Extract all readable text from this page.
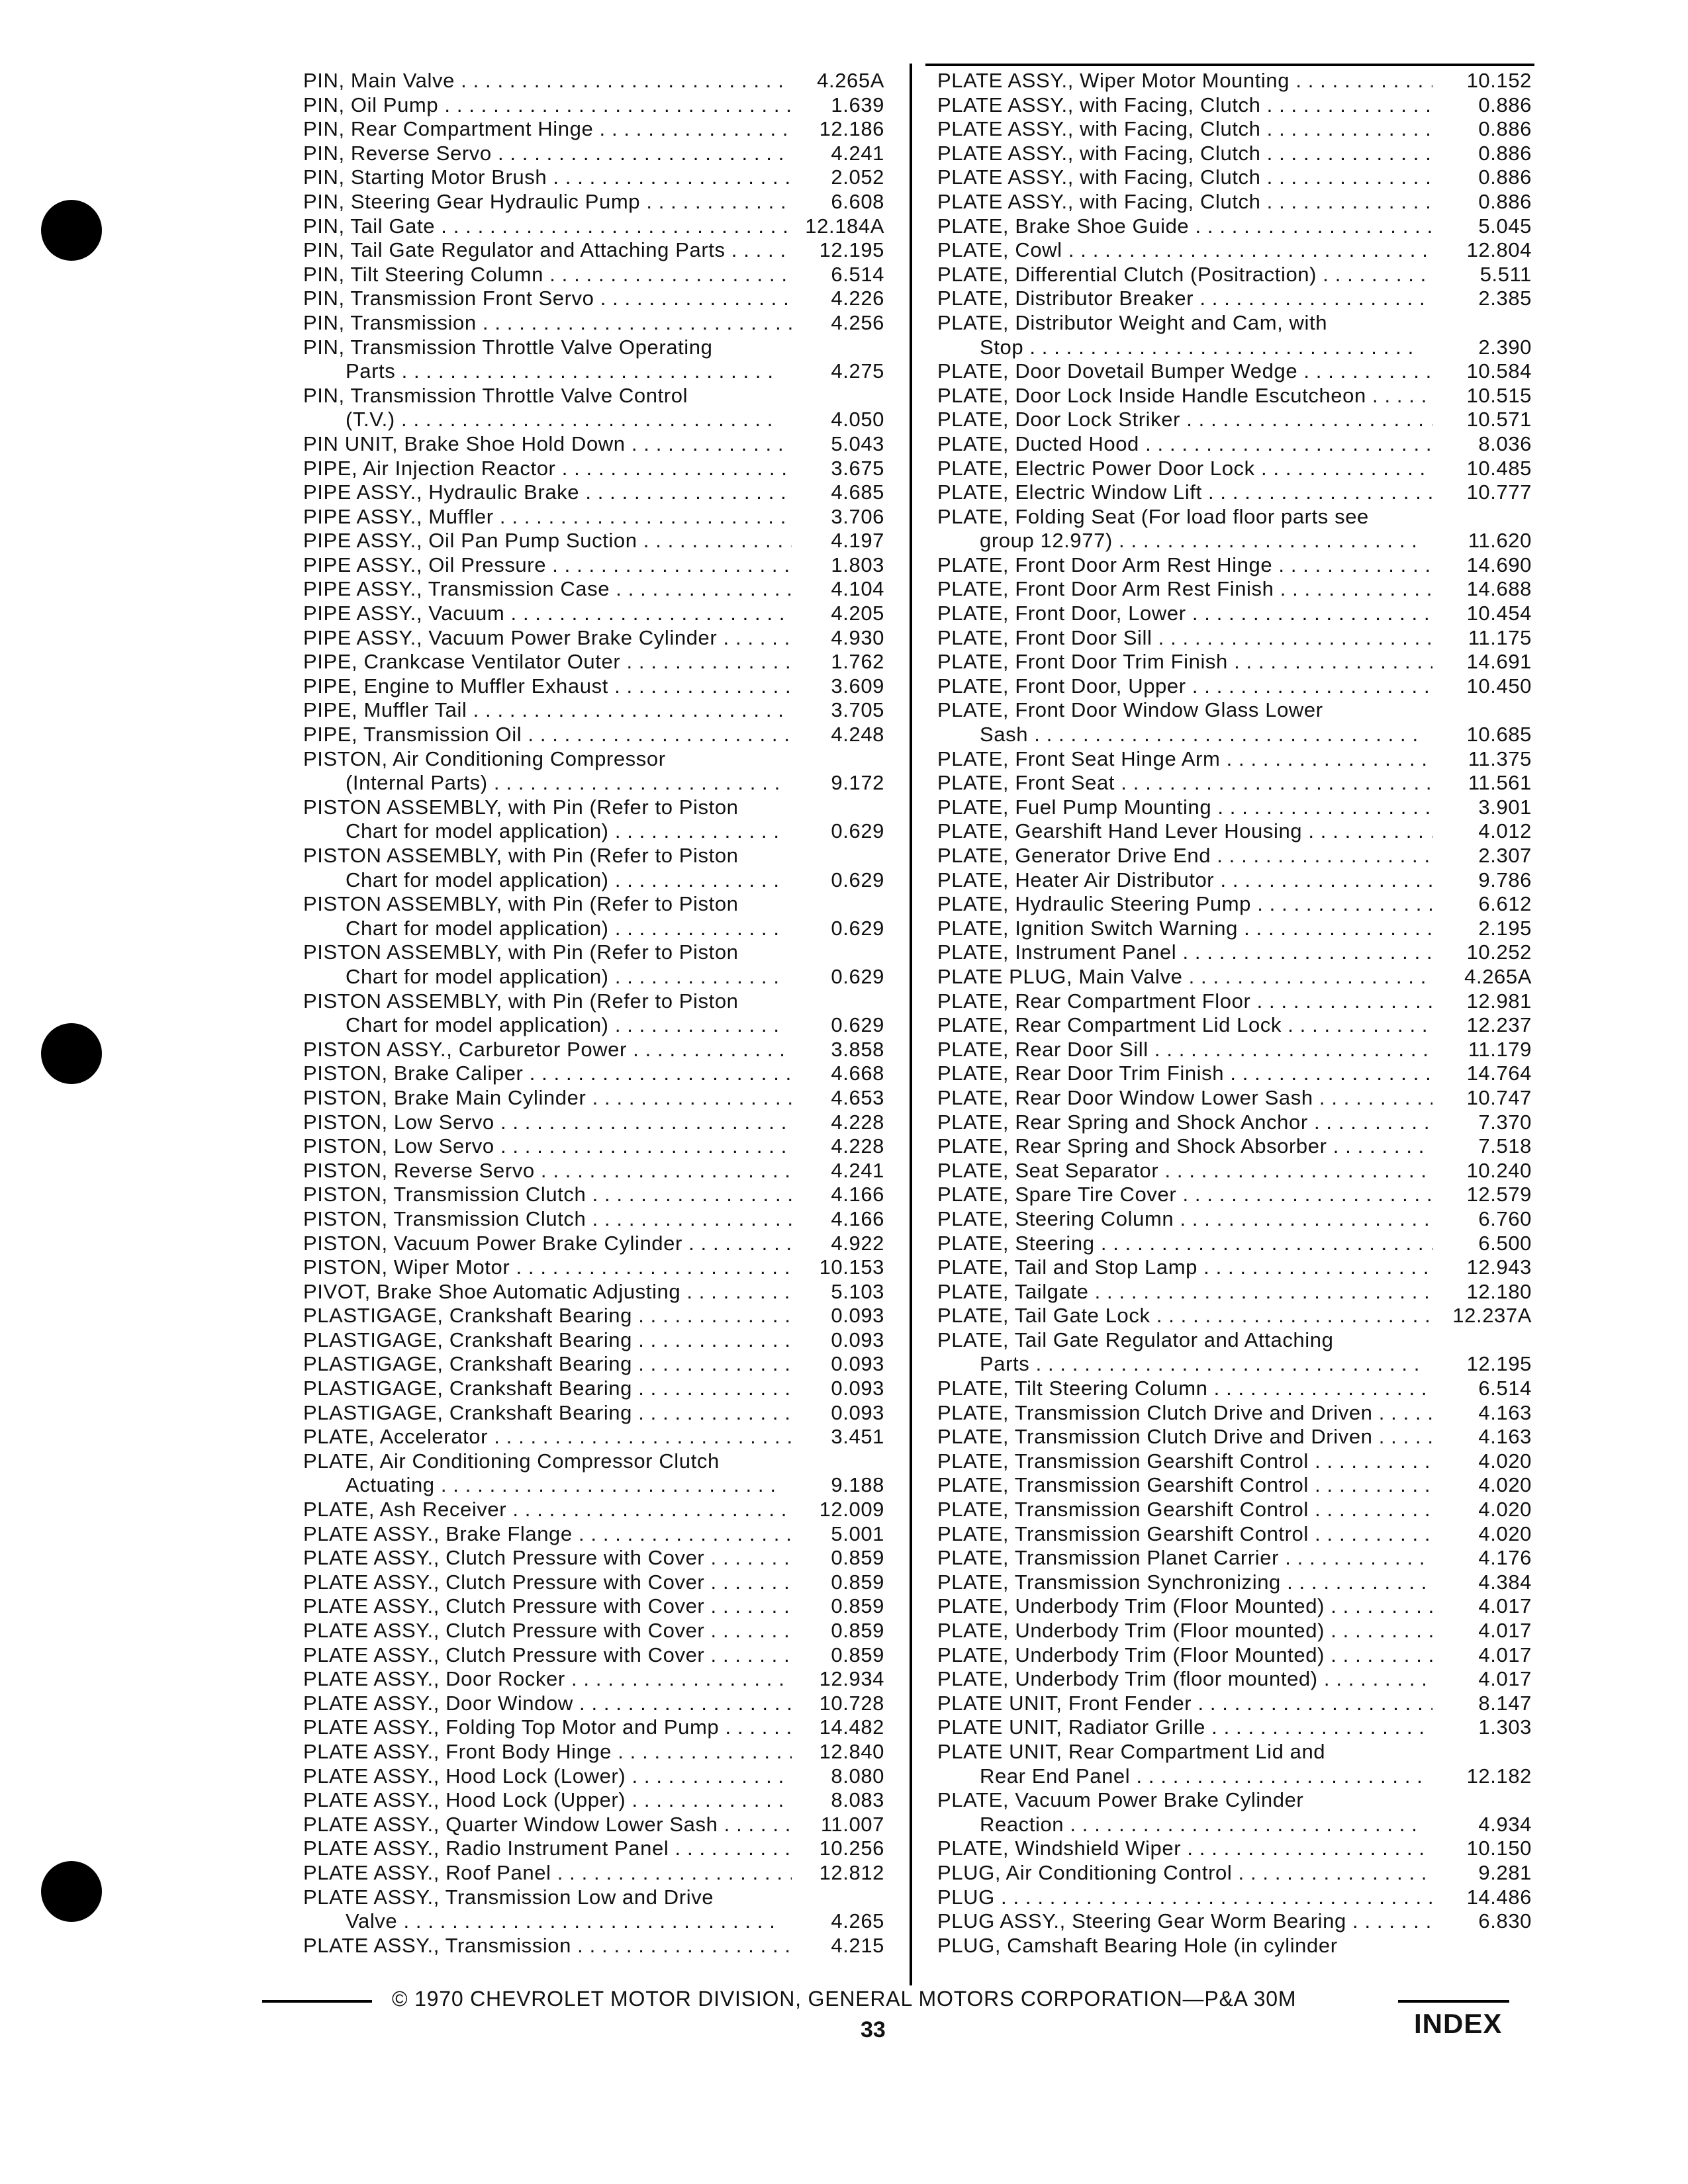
PIN, Main Valve . . .	4.265A
PIN, Oil Pump . . .	1.639
PIN, Rear Compartment Hinge . . .	12.186
PIN, Reverse Servo . . .	4.241
PIN, Starting Motor Brush . . .	2.052
PIN, Steering Gear Hydraulic Pump . . .	6.608
PIN, Tail Gate . . .	12.184A
PIN, Tail Gate Regulator and Attaching Parts . . .	12.195
PIN, Tilt Steering Column . . .	6.514
PIN, Transmission Front Servo . . .	4.226
PIN, Transmission . . .	4.256
PIN, Transmission Throttle Valve Operating
Parts . . .	4.275
PIN, Transmission Throttle Valve Control
(T.V.) . . .	4.050
PIN UNIT, Brake Shoe Hold Down . . .	5.043
PIPE, Air Injection Reactor . . .	3.675
PIPE ASSY., Hydraulic Brake . . .	4.685
PIPE ASSY., Muffler . . .	3.706
PIPE ASSY., Oil Pan Pump Suction . . .	4.197
PIPE ASSY., Oil Pressure . . .	1.803
PIPE ASSY., Transmission Case . . .	4.104
PIPE ASSY., Vacuum . . .	4.205
PIPE ASSY., Vacuum Power Brake Cylinder . . .	4.930
PIPE, Crankcase Ventilator Outer . . .	1.762
PIPE, Engine to Muffler Exhaust . . .	3.609
PIPE, Muffler Tail . . .	3.705
PIPE, Transmission Oil . . .	4.248
PISTON, Air Conditioning Compressor
(Internal Parts) . . .	9.172
PISTON ASSEMBLY, with Pin (Refer to Piston
Chart for model application) . . .	0.629
PISTON ASSEMBLY, with Pin (Refer to Piston
Chart for model application) . . .	0.629
PISTON ASSEMBLY, with Pin (Refer to Piston
Chart for model application) . . .	0.629
PISTON ASSEMBLY, with Pin (Refer to Piston
Chart for model application) . . .	0.629
PISTON ASSEMBLY, with Pin (Refer to Piston
Chart for model application) . . .	0.629
PISTON ASSY., Carburetor Power . . .	3.858
PISTON, Brake Caliper . . .	4.668
PISTON, Brake Main Cylinder . . .	4.653
PISTON, Low Servo . . .	4.228
PISTON, Low Servo . . .	4.228
PISTON, Reverse Servo . . .	4.241
PISTON, Transmission Clutch . . .	4.166
PISTON, Transmission Clutch . . .	4.166
PISTON, Vacuum Power Brake Cylinder . . .	4.922
PISTON, Wiper Motor . . .	10.153
PIVOT, Brake Shoe Automatic Adjusting . . .	5.103
PLASTIGAGE, Crankshaft Bearing . . .	0.093
PLASTIGAGE, Crankshaft Bearing . . .	0.093
PLASTIGAGE, Crankshaft Bearing . . .	0.093
PLASTIGAGE, Crankshaft Bearing . . .	0.093
PLASTIGAGE, Crankshaft Bearing . . .	0.093
PLATE, Accelerator . . .	3.451
PLATE, Air Conditioning Compressor Clutch
Actuating . . .	9.188
PLATE, Ash Receiver . . .	12.009
PLATE ASSY., Brake Flange . . .	5.001
PLATE ASSY., Clutch Pressure with Cover . . .	0.859
PLATE ASSY., Clutch Pressure with Cover . . .	0.859
PLATE ASSY., Clutch Pressure with Cover . . .	0.859
PLATE ASSY., Clutch Pressure with Cover . . .	0.859
PLATE ASSY., Clutch Pressure with Cover . . .	0.859
PLATE ASSY., Door Rocker . . .	12.934
PLATE ASSY., Door Window . . .	10.728
PLATE ASSY., Folding Top Motor and Pump . . .	14.482
PLATE ASSY., Front Body Hinge . . .	12.840
PLATE ASSY., Hood Lock (Lower) . . .	8.080
PLATE ASSY., Hood Lock (Upper) . . .	8.083
PLATE ASSY., Quarter Window Lower Sash . . .	11.007
PLATE ASSY., Radio Instrument Panel . . .	10.256
PLATE ASSY., Roof Panel . . .	12.812
PLATE ASSY., Transmission Low and Drive
Valve . . .	4.265
PLATE ASSY., Transmission . . .	4.215
PLATE ASSY., Wiper Motor Mounting . . .	10.152
PLATE ASSY., with Facing, Clutch . . .	0.886
PLATE ASSY., with Facing, Clutch . . .	0.886
PLATE ASSY., with Facing, Clutch . . .	0.886
PLATE ASSY., with Facing, Clutch . . .	0.886
PLATE ASSY., with Facing, Clutch . . .	0.886
PLATE, Brake Shoe Guide . . .	5.045
PLATE, Cowl . . .	12.804
PLATE, Differential Clutch (Positraction) . . .	5.511
PLATE, Distributor Breaker . . .	2.385
PLATE, Distributor Weight and Cam, with
Stop . . .	2.390
PLATE, Door Dovetail Bumper Wedge . . .	10.584
PLATE, Door Lock Inside Handle Escutcheon . . .	10.515
PLATE, Door Lock Striker . . .	10.571
PLATE, Ducted Hood . . .	8.036
PLATE, Electric Power Door Lock . . .	10.485
PLATE, Electric Window Lift . . .	10.777
PLATE, Folding Seat (For load floor parts see
group 12.977) . . .	11.620
PLATE, Front Door Arm Rest Hinge . . .	14.690
PLATE, Front Door Arm Rest Finish . . .	14.688
PLATE, Front Door, Lower . . .	10.454
PLATE, Front Door Sill . . .	11.175
PLATE, Front Door Trim Finish . . .	14.691
PLATE, Front Door, Upper . . .	10.450
PLATE, Front Door Window Glass Lower
Sash . . .	10.685
PLATE, Front Seat Hinge Arm . . .	11.375
PLATE, Front Seat . . .	11.561
PLATE, Fuel Pump Mounting . . .	3.901
PLATE, Gearshift Hand Lever Housing . . .	4.012
PLATE, Generator Drive End . . .	2.307
PLATE, Heater Air Distributor . . .	9.786
PLATE, Hydraulic Steering Pump . . .	6.612
PLATE, Ignition Switch Warning . . .	2.195
PLATE, Instrument Panel . . .	10.252
PLATE PLUG, Main Valve . . .	4.265A
PLATE, Rear Compartment Floor . . .	12.981
PLATE, Rear Compartment Lid Lock . . .	12.237
PLATE, Rear Door Sill . . .	11.179
PLATE, Rear Door Trim Finish . . .	14.764
PLATE, Rear Door Window Lower Sash . . .	10.747
PLATE, Rear Spring and Shock Anchor . . .	7.370
PLATE, Rear Spring and Shock Absorber . . .	7.518
PLATE, Seat Separator . . .	10.240
PLATE, Spare Tire Cover . . .	12.579
PLATE, Steering Column . . .	6.760
PLATE, Steering . . .	6.500
PLATE, Tail and Stop Lamp . . .	12.943
PLATE, Tailgate . . .	12.180
PLATE, Tail Gate Lock . . .	12.237A
PLATE, Tail Gate Regulator and Attaching
Parts . . .	12.195
PLATE, Tilt Steering Column . . .	6.514
PLATE, Transmission Clutch Drive and Driven . . .	4.163
PLATE, Transmission Clutch Drive and Driven . . .	4.163
PLATE, Transmission Gearshift Control . . .	4.020
PLATE, Transmission Gearshift Control . . .	4.020
PLATE, Transmission Gearshift Control . . .	4.020
PLATE, Transmission Gearshift Control . . .	4.020
PLATE, Transmission Planet Carrier . . .	4.176
PLATE, Transmission Synchronizing . . .	4.384
PLATE, Underbody Trim (Floor Mounted) . . .	4.017
PLATE, Underbody Trim (Floor mounted) . . .	4.017
PLATE, Underbody Trim (Floor Mounted) . . .	4.017
PLATE, Underbody Trim (floor mounted) . . .	4.017
PLATE UNIT, Front Fender . . .	8.147
PLATE UNIT, Radiator Grille . . .	1.303
PLATE UNIT, Rear Compartment Lid and
Rear End Panel . . .	12.182
PLATE, Vacuum Power Brake Cylinder
Reaction . . .	4.934
PLATE, Windshield Wiper . . .	10.150
PLUG, Air Conditioning Control . . .	9.281
PLUG . . .	14.486
PLUG ASSY., Steering Gear Worm Bearing . . .	6.830
PLUG, Camshaft Bearing Hole (in cylinder
© 1970 CHEVROLET MOTOR DIVISION, GENERAL MOTORS CORPORATION—P&A 30M
33	INDEX
